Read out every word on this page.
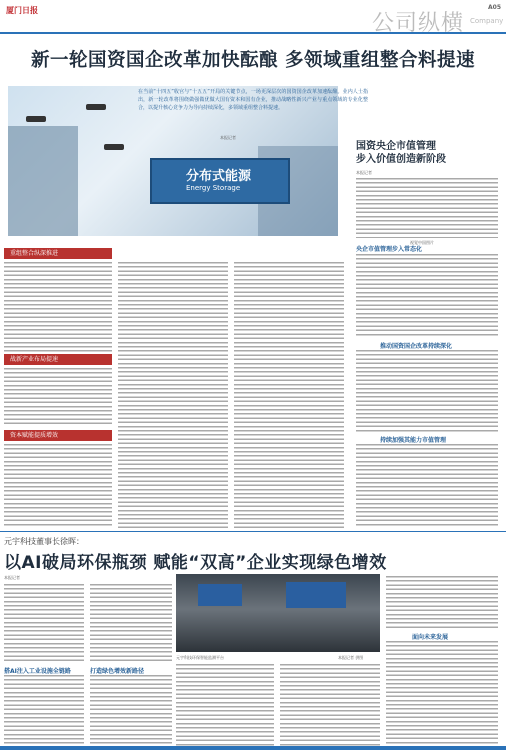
厦门日报
公司纵横 Company
A05
新一轮国资国企改革加快酝酿 多领域重组整合料提速
分布式能源
Energy Storage
在当前“十四五”收官与“十五五”开局的关键节点，一场更深层次的国资国企改革加速酝酿。业内人士指出，新一轮改革将围绕做强做优做大国有资本和国有企业，推动战略性新兴产业与重点领域的专业化整合，以提升核心竞争力为导向持续深化，多领域重组整合料提速。
本报记者
视觉中国图片
国资央企市值管理
步入价值创造新阶段
本报记者
央企市值管理步入常态化
推动国资国企改革持续深化
持续加强其能力市值管理
重组整合纵深推进
战新产业布局提速
资本赋能提质增效
元宇科技董事长徐晖：
以AI破局环保瓶颈 赋能“双高”企业实现绿色增效
本报记者
搭AI注入工业设施全链路	打造绿色增效新路径
元宇科技环保智能监测平台	本报记者 供图
面向未来发展
